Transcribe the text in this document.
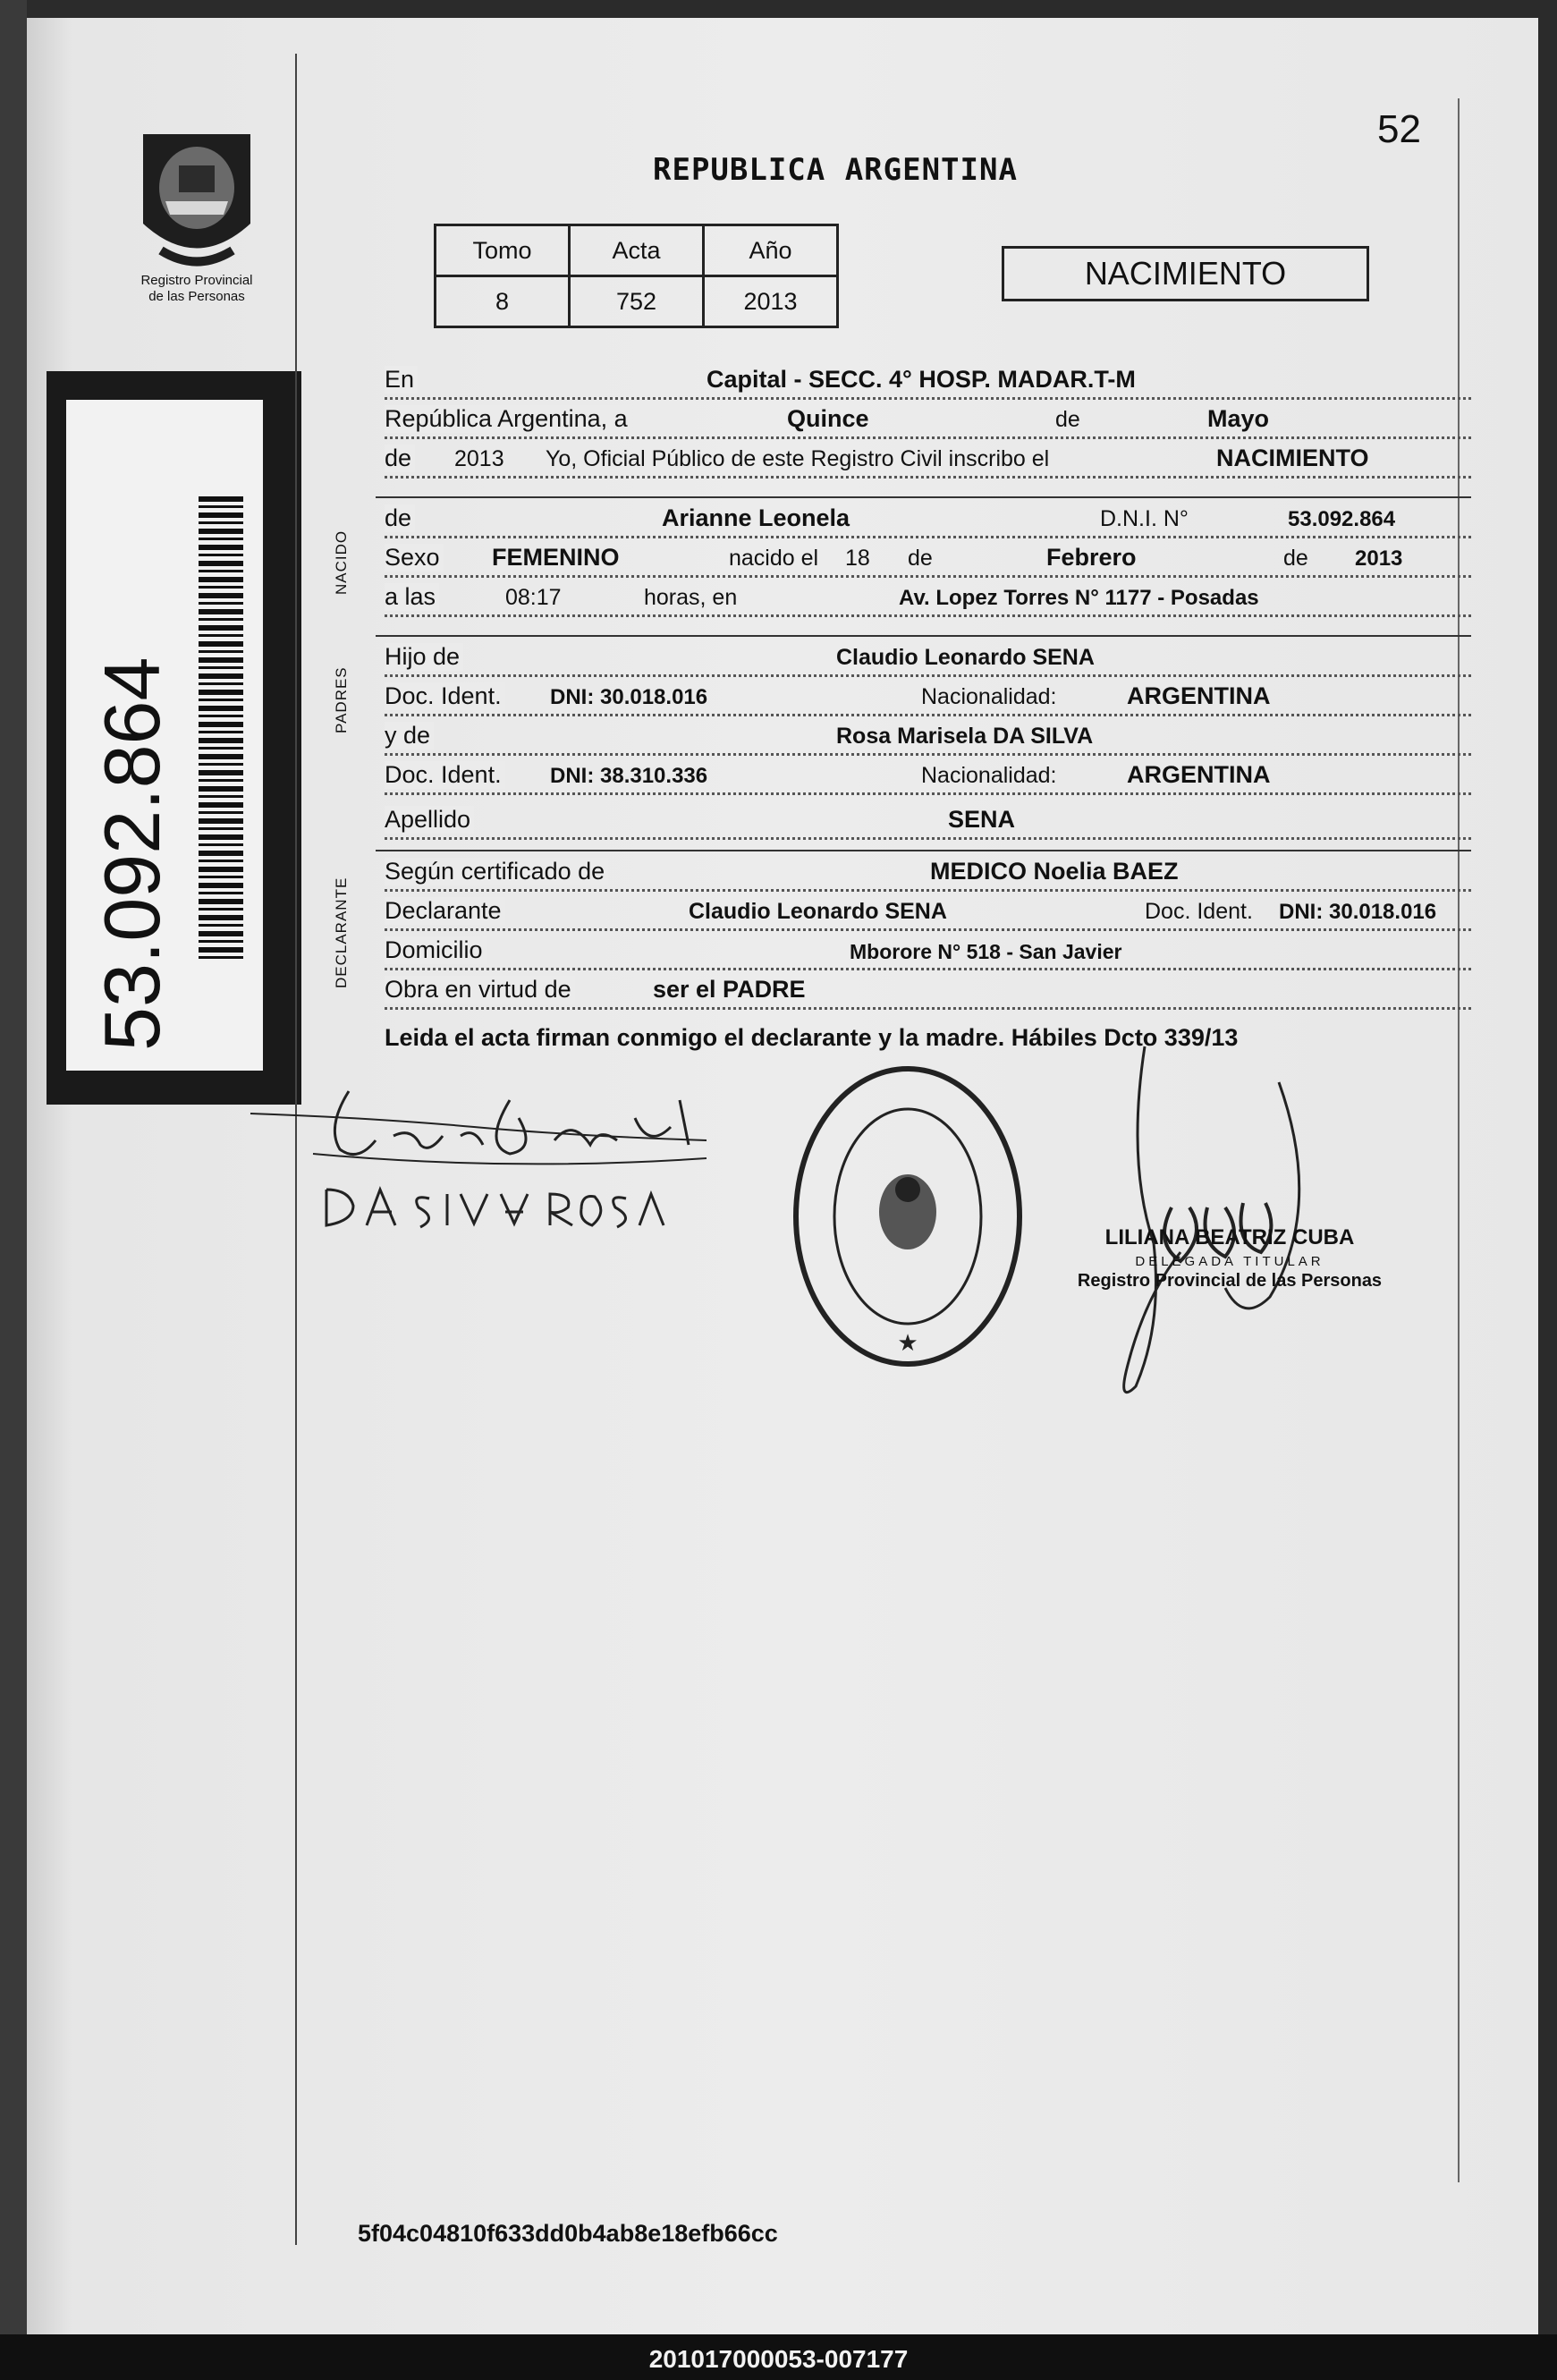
Registro Provincial
de las Personas
53.092.864
52
REPUBLICA ARGENTINA
Tomo	Acta	Año
8	752	2013
NACIMIENTO
En	Capital - SECC. 4° HOSP. MADAR.T-M
República Argentina, a	Quince	de	Mayo
de 2013 Yo, Oficial Público de este Registro Civil inscribo el	NACIMIENTO
NACIDO
de	Arianne Leonela	D.N.I. N°	53.092.864
Sexo FEMENINO	nacido el 18 de	Febrero	de 2013
a las	08:17	horas, en	Av. Lopez Torres N° 1177 - Posadas
PADRES
Hijo de	Claudio Leonardo SENA
Doc. Ident. DNI: 30.018.016	Nacionalidad:	ARGENTINA
y de	Rosa Marisela DA SILVA
Doc. Ident. DNI: 38.310.336	Nacionalidad:	ARGENTINA
Apellido	SENA
DECLARANTE
Según certificado de	MEDICO Noelia BAEZ
Declarante	Claudio Leonardo SENA	Doc. Ident. DNI: 30.018.016
Domicilio	Mborore N° 518 - San Javier
Obra en virtud de	ser el PADRE
Leida el acta firman conmigo el declarante y la madre. Hábiles Dcto 339/13
★
LILIANA BEATRIZ CUBA
DELEGADA TITULAR
Registro Provincial de las Personas
5f04c04810f633dd0b4ab8e18efb66cc
201017000053-007177
